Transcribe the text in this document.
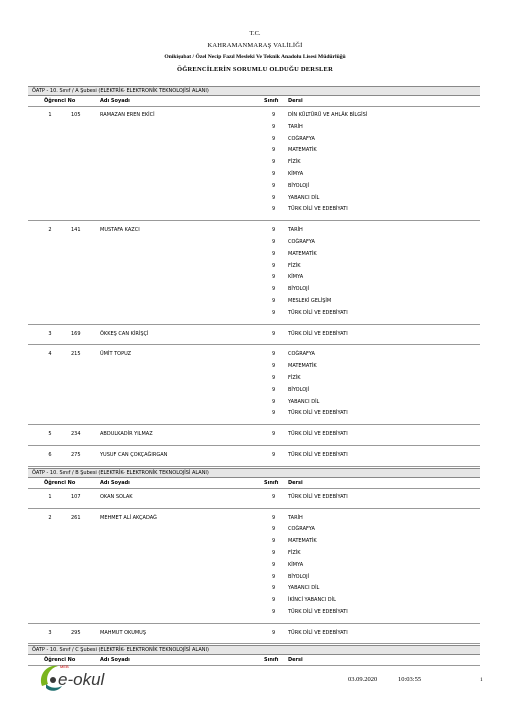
T.C.
KAHRAMANMARAŞ VALİLİĞİ
Onikişubat / Özel Necip Fazıl Mesleki Ve Teknik Anadolu Lisesi Müdürlüğü
ÖĞRENCİLERİN SORUMLU OLDUĞU DERSLER
ÖATP - 10. Sınıf / A Şubesi (ELEKTRİK- ELEKTRONİK TEKNOLOJİSİ ALANI)
Öğrenci No	Adı Soyadı	Sınıfı Dersi
1	105	RAMAZAN EREN EKİCİ	9	DİN KÜLTÜRÜ VE AHLÂK BİLGİSİ
9	TARİH
9	COĞRAFYA
9	MATEMATİK
9	FİZİK
9	KİMYA
9	BİYOLOJİ
9	YABANCI DİL
9	TÜRK DİLİ VE EDEBİYATI
2	141	MUSTAFA KAZCI	9	TARİH
9	COĞRAFYA
9	MATEMATİK
9	FİZİK
9	KİMYA
9	BİYOLOJİ
9	MESLEKİ GELİŞİM
9	TÜRK DİLİ VE EDEBİYATI
3	169	ÖKKEŞ CAN KİRİŞÇİ	9	TÜRK DİLİ VE EDEBİYATI
4	215	ÜMİT TOPUZ	9	COĞRAFYA
9	MATEMATİK
9	FİZİK
9	BİYOLOJİ
9	YABANCI DİL
9	TÜRK DİLİ VE EDEBİYATI
5	234	ABDULKADİR YILMAZ	9	TÜRK DİLİ VE EDEBİYATI
6	275	YUSUF CAN ÇOKÇAĞIRGAN	9	TÜRK DİLİ VE EDEBİYATI
ÖATP - 10. Sınıf / B Şubesi (ELEKTRİK- ELEKTRONİK TEKNOLOJİSİ ALANI)
Öğrenci No	Adı Soyadı	Sınıfı Dersi
1	107	OKAN SOLAK	9	TÜRK DİLİ VE EDEBİYATI
2	261	MEHMET ALİ AKÇADAĞ	9	TARİH
9	COĞRAFYA
9	MATEMATİK
9	FİZİK
9	KİMYA
9	BİYOLOJİ
9	YABANCI DİL
9	İKİNCİ YABANCI DİL
9	TÜRK DİLİ VE EDEBİYATI
3	295	MAHMUT OKUMUŞ	9	TÜRK DİLİ VE EDEBİYATI
ÖATP - 10. Sınıf / C Şubesi (ELEKTRİK- ELEKTRONİK TEKNOLOJİSİ ALANI)
Öğrenci No	Adı Soyadı	Sınıfı Dersi
MEB
e-okul	03.09.2020	10:03:55	1
